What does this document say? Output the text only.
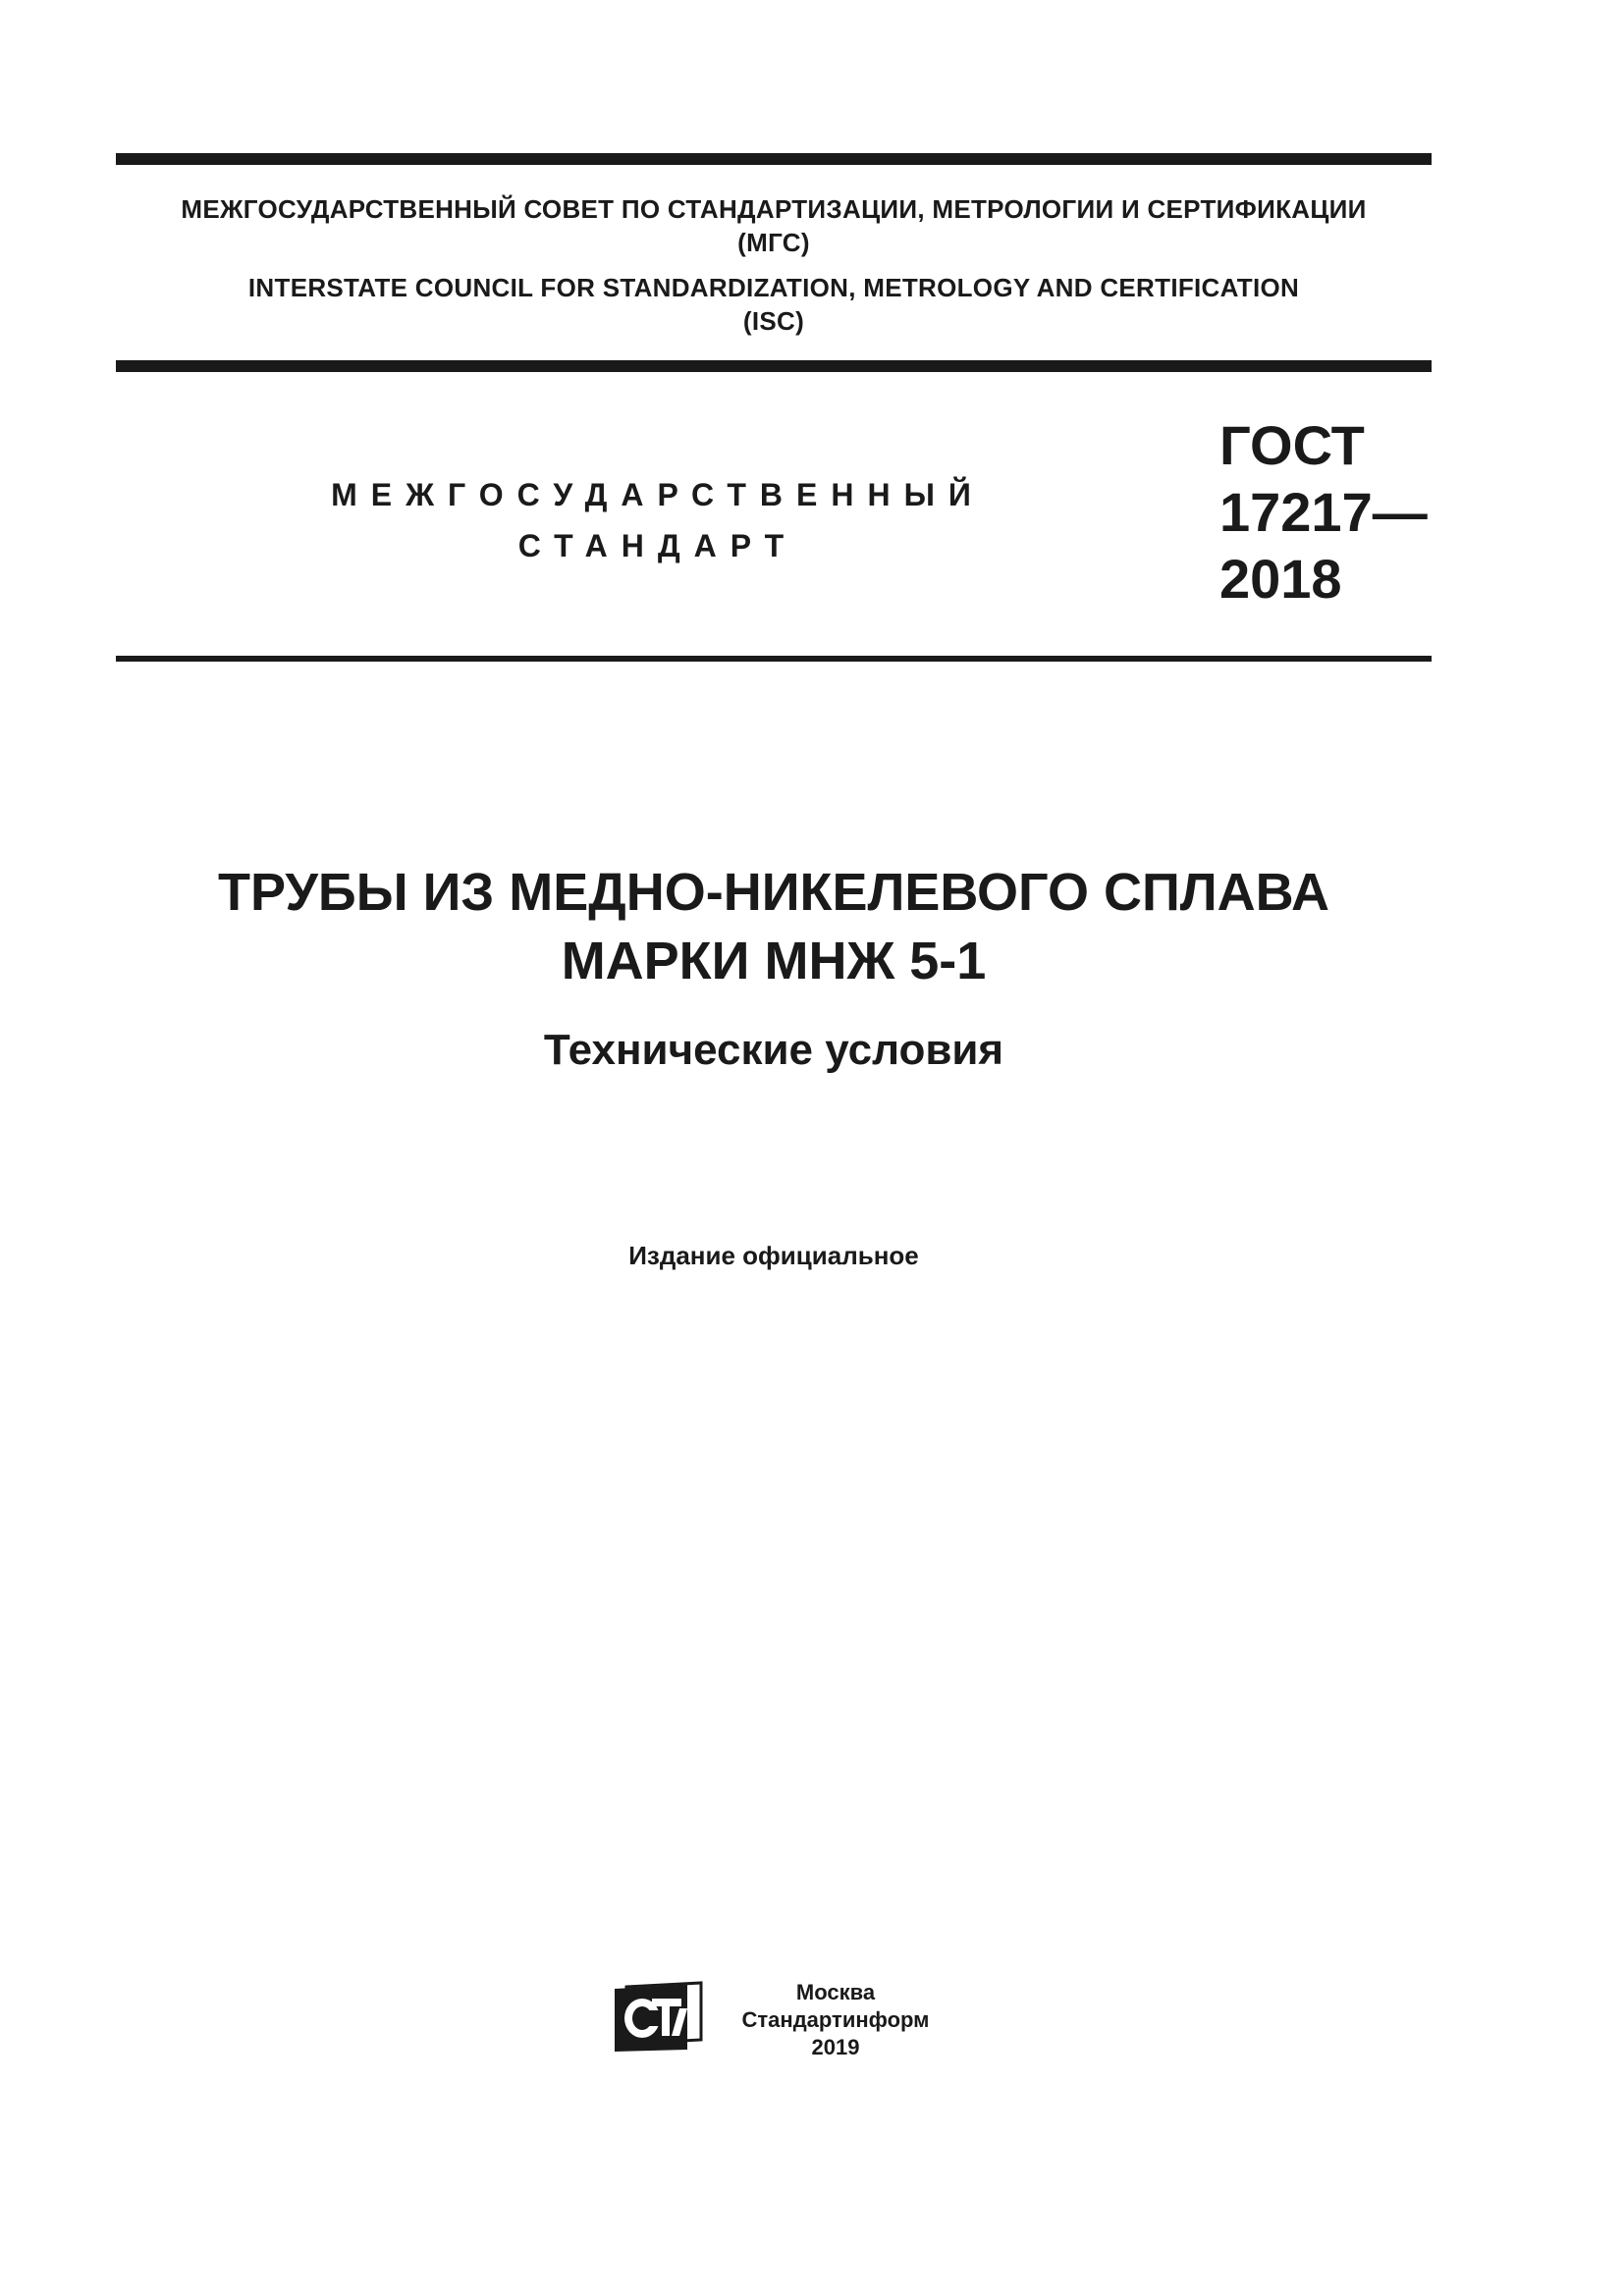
МЕЖГОСУДАРСТВЕННЫЙ СОВЕТ ПО СТАНДАРТИЗАЦИИ, МЕТРОЛОГИИ И СЕРТИФИКАЦИИ
(МГС)
INTERSTATE COUNCIL FOR STANDARDIZATION, METROLOGY AND CERTIFICATION
(ISC)
МЕЖГОСУДАРСТВЕННЫЙ
СТАНДАРТ
ГОСТ
17217—
2018
ТРУБЫ ИЗ МЕДНО-НИКЕЛЕВОГО СПЛАВА
МАРКИ МНЖ 5-1
Технические условия
Издание официальное
Москва
Стандартинформ
2019
